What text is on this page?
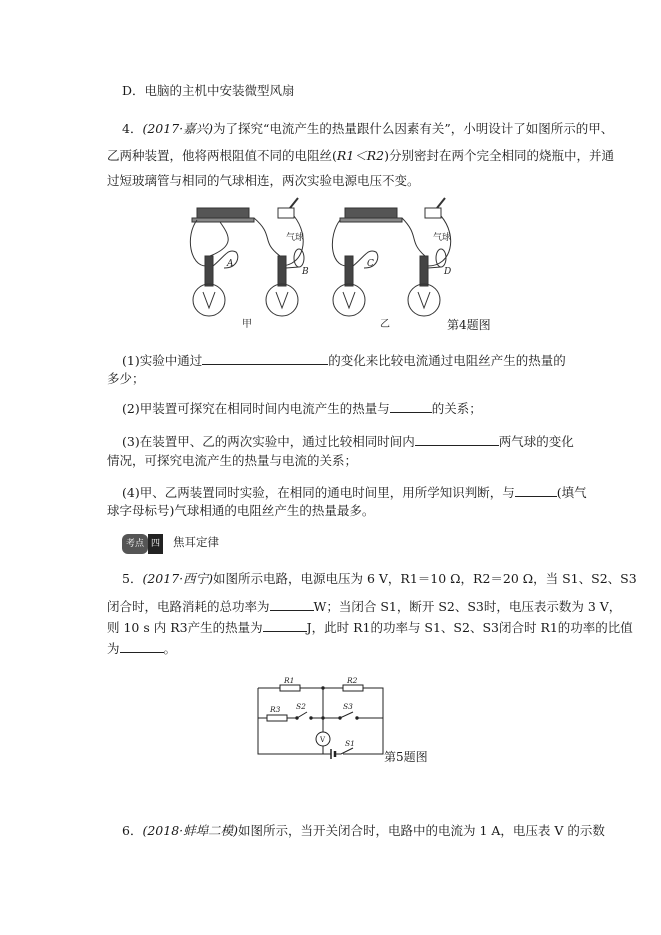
D．电脑的主机中安装微型风扇
4．(2017·嘉兴)为了探究“电流产生的热量跟什么因素有关”，小明设计了如图所示的甲、
乙两种装置，他将两根阻值不同的电阻丝(R1＜R2)分别密封在两个完全相同的烧瓶中，并通
过短玻璃管与相同的气球相连，两次实验电源电压不变。
气球	气球
A
B
C
D
甲	乙	第4题图
(1)实验中通过	的变化来比较电流通过电阻丝产生的热量的
多少；
(2)甲装置可探究在相同时间内电流产生的热量与	的关系；
(3)在装置甲、乙的两次实验中，通过比较相同时间内	两气球的变化
情况，可探究电流产生的热量与电流的关系；
(4)甲、乙两装置同时实验，在相同的通电时间里，用所学知识判断，与	(填气
球字母标号)气球相通的电阻丝产生的热量最多。
考点 四 焦耳定律
5．(2017·西宁)如图所示电路，电源电压为 6 V，R1＝10 Ω，R2＝20 Ω，当 S1、S2、S3
闭合时，电路消耗的总功率为	W；当闭合 S1，断开 S2、S3时，电压表示数为 3 V，
则 10 s 内 R3产生的热量为	J，此时 R1的功率与 S1、S2、S3闭合时 R1的功率的比值
为	。
R1	R2
R3 S2	S3
S1
V
第5题图
6．(2018·蚌埠二模)如图所示，当开关闭合时，电路中的电流为 1 A，电压表 V 的示数
